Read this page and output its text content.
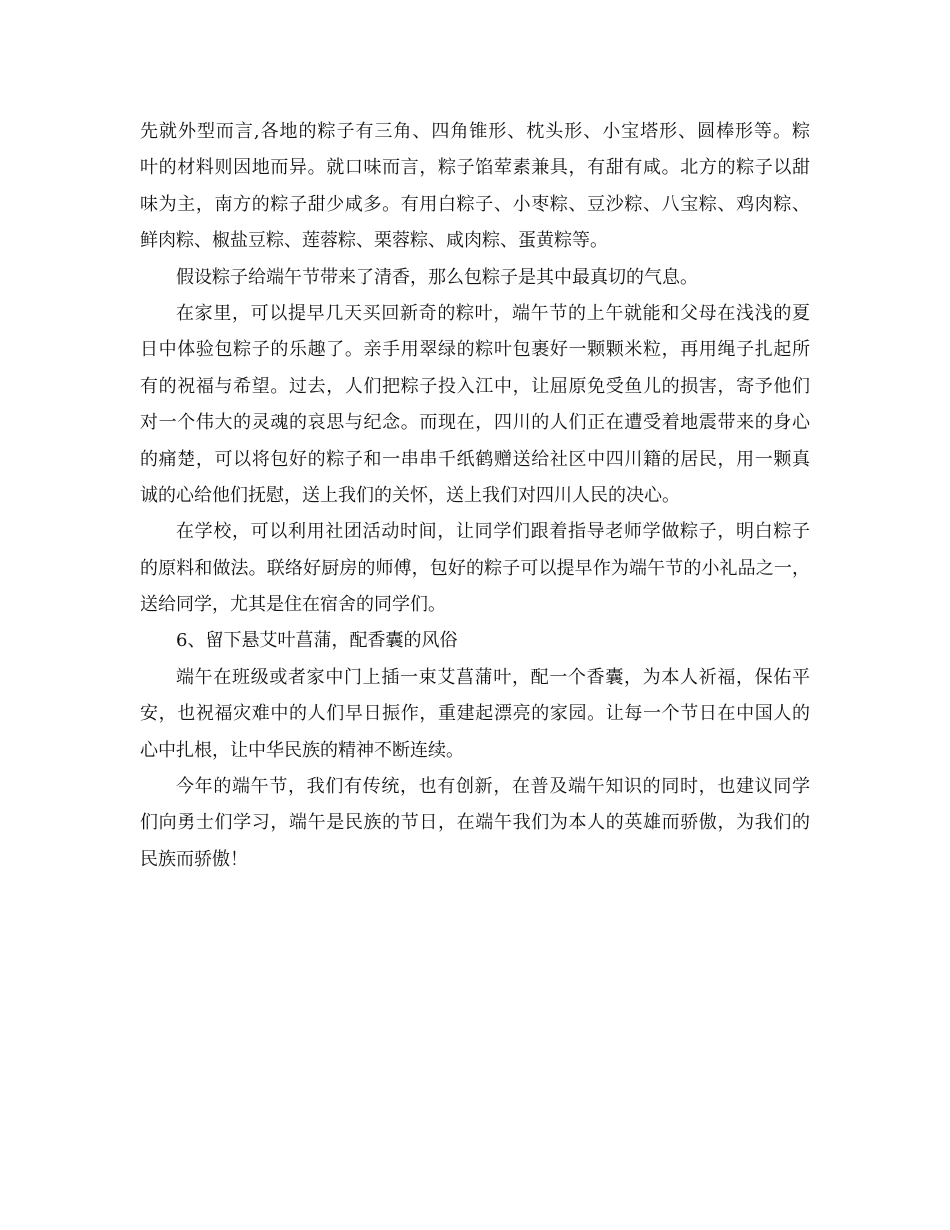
先就外型而言,各地的粽子有三角、四角锥形、枕头形、小宝塔形、圆棒形等。粽
叶的材料则因地而异。就口味而言，粽子馅荤素兼具，有甜有咸。北方的粽子以甜
味为主，南方的粽子甜少咸多。有用白粽子、小枣粽、豆沙粽、八宝粽、鸡肉粽、
鲜肉粽、椒盐豆粽、莲蓉粽、栗蓉粽、咸肉粽、蛋黄粽等。
假设粽子给端午节带来了清香，那么包粽子是其中最真切的气息。
在家里，可以提早几天买回新奇的粽叶，端午节的上午就能和父母在浅浅的夏
日中体验包粽子的乐趣了。亲手用翠绿的粽叶包裹好一颗颗米粒，再用绳子扎起所
有的祝福与希望。过去，人们把粽子投入江中，让屈原免受鱼儿的损害，寄予他们
对一个伟大的灵魂的哀思与纪念。而现在，四川的人们正在遭受着地震带来的身心
的痛楚，可以将包好的粽子和一串串千纸鹤赠送给社区中四川籍的居民，用一颗真
诚的心给他们抚慰，送上我们的关怀，送上我们对四川人民的决心。
在学校，可以利用社团活动时间，让同学们跟着指导老师学做粽子，明白粽子
的原料和做法。联络好厨房的师傅，包好的粽子可以提早作为端午节的小礼品之一，
送给同学，尤其是住在宿舍的同学们。
6、留下悬艾叶菖蒲，配香囊的风俗
端午在班级或者家中门上插一束艾菖蒲叶，配一个香囊，为本人祈福，保佑平
安，也祝福灾难中的人们早日振作，重建起漂亮的家园。让每一个节日在中国人的
心中扎根，让中华民族的精神不断连续。
今年的端午节，我们有传统，也有创新，在普及端午知识的同时，也建议同学
们向勇士们学习，端午是民族的节日，在端午我们为本人的英雄而骄傲，为我们的
民族而骄傲！
